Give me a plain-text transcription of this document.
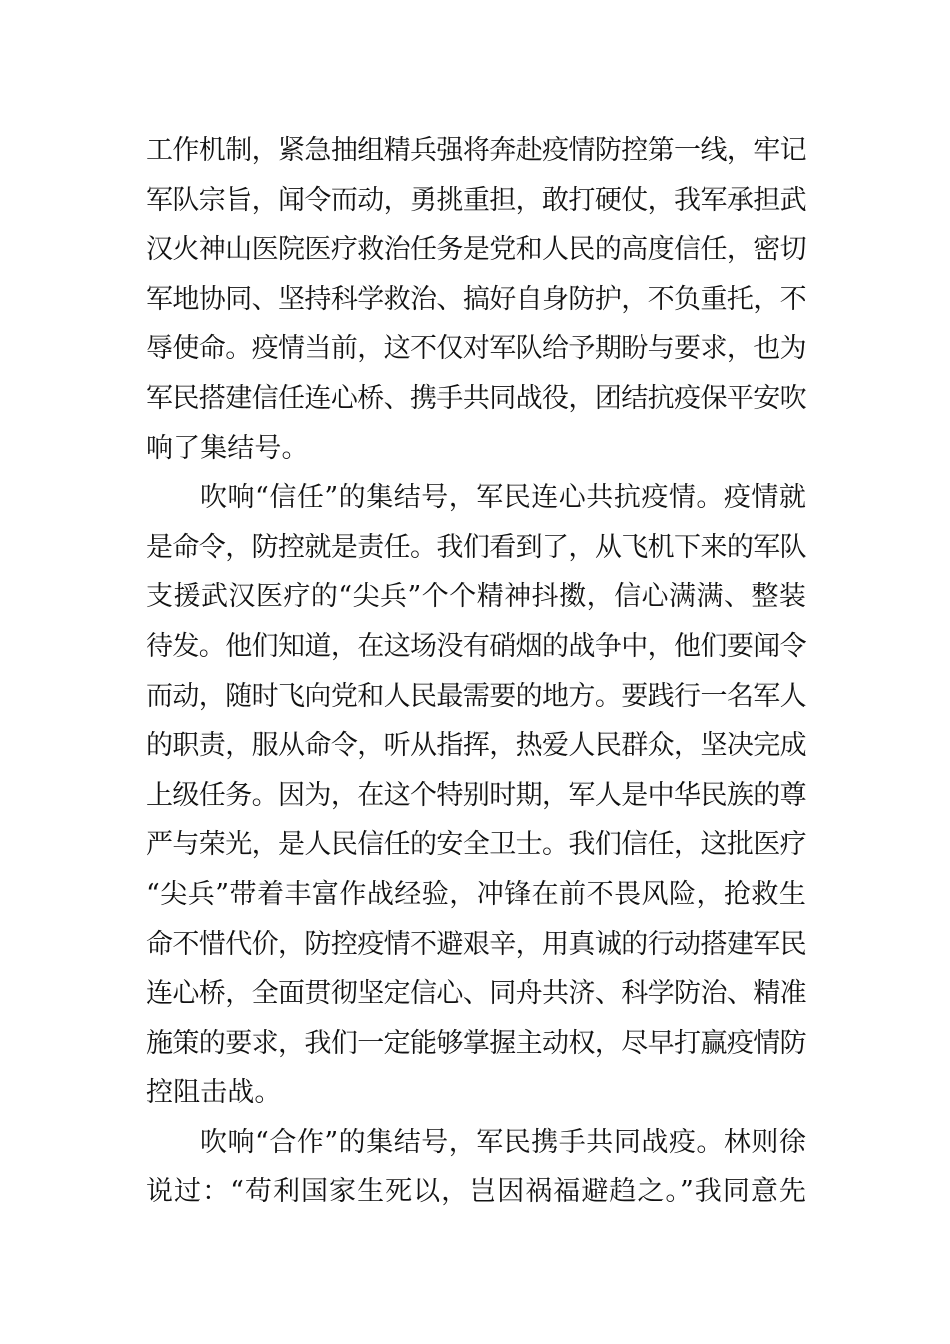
工作机制，紧急抽组精兵强将奔赴疫情防控第一线，牢记
军队宗旨，闻令而动，勇挑重担，敢打硬仗，我军承担武
汉火神山医院医疗救治任务是党和人民的高度信任，密切
军地协同、坚持科学救治、搞好自身防护，不负重托，不
辱使命。疫情当前，这不仅对军队给予期盼与要求，也为
军民搭建信任连心桥、携手共同战役，团结抗疫保平安吹
响了集结号。

吹响“信任”的集结号，军民连心共抗疫情。疫情就
是命令，防控就是责任。我们看到了，从飞机下来的军队
支援武汉医疗的“尖兵”个个精神抖擞，信心满满、整装
待发。他们知道，在这场没有硝烟的战争中，他们要闻令
而动，随时飞向党和人民最需要的地方。要践行一名军人
的职责，服从命令，听从指挥，热爱人民群众，坚决完成
上级任务。因为，在这个特别时期，军人是中华民族的尊
严与荣光，是人民信任的安全卫士。我们信任，这批医疗
“尖兵”带着丰富作战经验，冲锋在前不畏风险，抢救生
命不惜代价，防控疫情不避艰辛，用真诚的行动搭建军民
连心桥，全面贯彻坚定信心、同舟共济、科学防治、精准
施策的要求，我们一定能够掌握主动权，尽早打赢疫情防
控阻击战。

吹响“合作”的集结号，军民携手共同战疫。林则徐
说过：“苟利国家生死以，岂因祸福避趋之。”我同意先
